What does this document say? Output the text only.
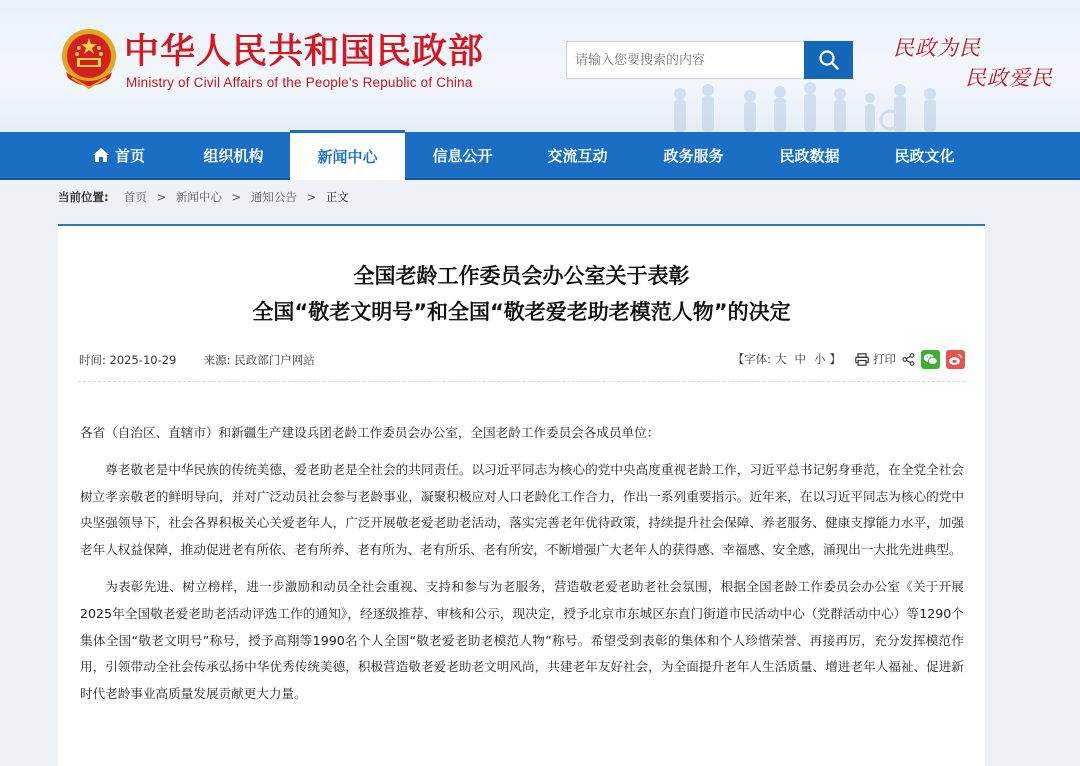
中华人民共和国民政部
Ministry of Civil Affairs of the People's Republic of China
请输入您要搜索的内容
民政为民
民政爱民
首页	组织机构	新闻中心	信息公开	交流互动	政务服务	民政数据	民政文化
当前位置: 首页 > 新闻中心 > 通知公告 > 正文
全国老龄工作委员会办公室关于表彰
全国“敬老文明号”和全国“敬老爱老助老模范人物”的决定
时间: 2025-10-29 来源: 民政部门户网站	【字体: 大 中 小 】	打印

各省（自治区、直辖市）和新疆生产建设兵团老龄工作委员会办公室，全国老龄工作委员会各成员单位：

尊老敬老是中华民族的传统美德，爱老助老是全社会的共同责任。以习近平同志为核心的党中央高度重视老龄工作，习近平总书记躬身垂范，在全党全社会树立孝亲敬老的鲜明导向，并对广泛动员社会参与老龄事业，凝聚积极应对人口老龄化工作合力，作出一系列重要指示。近年来，在以习近平同志为核心的党中央坚强领导下，社会各界积极关心关爱老年人，广泛开展敬老爱老助老活动，落实完善老年优待政策，持续提升社会保障、养老服务、健康支撑能力水平，加强老年人权益保障，推动促进老有所依、老有所养、老有所为、老有所乐、老有所安，不断增强广大老年人的获得感、幸福感、安全感，涌现出一大批先进典型。

为表彰先进、树立榜样，进一步激励和动员全社会重视、支持和参与为老服务，营造敬老爱老助老社会氛围，根据全国老龄工作委员会办公室《关于开展2025年全国敬老爱老助老活动评选工作的通知》，经逐级推荐、审核和公示，现决定，授予北京市东城区东直门街道市民活动中心（党群活动中心）等1290个集体全国“敬老文明号”称号，授予高翔等1990名个人全国“敬老爱老助老模范人物”称号。希望受到表彰的集体和个人珍惜荣誉、再接再厉，充分发挥模范作用，引领带动全社会传承弘扬中华优秀传统美德，积极营造敬老爱老助老文明风尚，共建老年友好社会，为全面提升老年人生活质量、增进老年人福祉、促进新时代老龄事业高质量发展贡献更大力量。
